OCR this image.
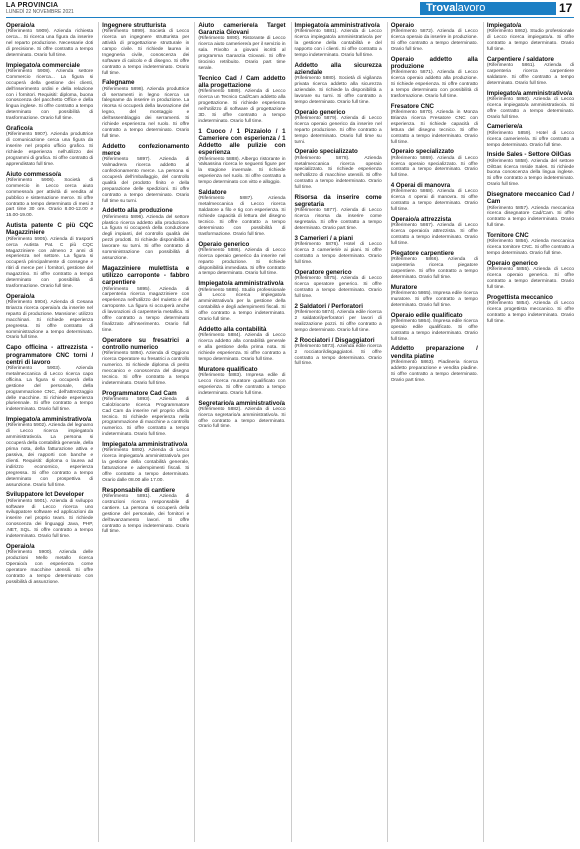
LA PROVINCIA
LUNEDÌ 22 NOVEMBRE 2021	Trovalavoro	17
Operaio/a
(Riferimento 5909). Azienda richiesta cerca... Si ricerca una figura da inserire nel reparto produzione. Necessarie doti di precisione. Si offre contratto a tempo determinato. Orario full time.
Impiegato/a commerciale
(Riferimento 5908). Azienda settore Commercio ricerca... La figura si occuperà della gestione dei clienti, dell'inserimento ordini e della relazione con i fornitori. Requisiti: diploma, buona conoscenza del pacchetto Office e della lingua inglese. Si offre contratto a tempo determinato con possibilità di trasformazione. Orario full time.
Grafico/a
(Riferimento 5907). Azienda produttrice di comunicazione cerca una figura da inserire nel proprio ufficio grafico. Si richiede esperienza nell'utilizzo dei programmi di grafica. Si offre contratto di apprendistato full time.
Aiuto commesso/a
(Riferimento 5906). Società di commercio in Lecco cerca aiuto commesso/a per attività di vendita al pubblico e sistemazione merce. Si offre contratto a tempo determinato di mesi 3 part time 30 ore. Orario 8.00-12.00 e 15.00-19.00.
Autista patente C più CQC Magazziniere
(Riferimento 5905). Azienda di trasporti cerca Autista Pat. C più CQC Magazziniere con almeno 2 anni di esperienza nel settore. La figura si occuperà principalmente di consegne e ritiri di merce per i fornitori, gestione del magazzino. Si offre contratto a tempo determinato con possibilità di trasformazione. Orario full time.
Operaio/a
(Riferimento 5904). Azienda di Cesana Brianza ricerca operaio/a da inserire nel reparto di produzione. Mansione: utilizzo macchinari. Si richiede esperienza pregressa. Si offre contratto di somministrazione a tempo determinato. Orario full time.
Capo officina - attrezzista - programmatore CNC torni / centri di lavoro
(Riferimento 5903). Azienda metalmeccanica di Lecco ricerca capo officina. La figura si occuperà della gestione del personale, della programmazione CNC, dell'attrezzaggio delle macchine. Si richiede esperienza pluriennale. Si offre contratto a tempo indeterminato. Orario full time.
Impiegato/a amministrativo/a
(Riferimento 5902). Azienda del legnamo di Lecco ricerca impiegato/a amministrativo/a. La persona si occuperà della contabilità generale, della prima nota, della fatturazione attiva e passiva, dei rapporti con banche e clienti. Requisiti: diploma o laurea ad indirizzo economico, esperienza pregressa. Si offre contratto a tempo determinato con prospettiva di assunzione. Orario full time.
Sviluppatore Ict Developer
(Riferimento 5901). Azienda di sviluppo software di Lecco ricerca uno sviluppatore software ed applicazioni da inserire nel proprio team. Si richiede conoscenza dei linguaggi Java, PHP, .NET, SQL. Si offre contratto a tempo indeterminato. Orario full time.
Operaio/a
(Riferimento 5900). Azienda delle produzioni Mello metallo ricerca Operaio/a con esperienza come operatore macchine utensili. Si offre contratto a tempo determinato con possibilità di assunzione.
Ingegnere strutturista
(Riferimento 5899). Società di Lecco ricerca un ingegnere strutturista per attività di progettazione strutturale in campo civile. Si richiede laurea in Ingegneria civile, conoscenza dei software di calcolo e di disegno. Si offre contratto a tempo indeterminato. Orario full time.
Falegname
(Riferimento 5898). Azienda produttrice di serramenti in legno ricerca un falegname da inserire in produzione. La risorsa si occuperà della lavorazione del legno, del montaggio e dell'assemblaggio dei serramenti. Si richiede esperienza nel ruolo. Si offre contratto a tempo determinato. Orario full time.
Addetto confezionamento merce
(Riferimento 5897). Azienda di Valmadrera ricerca addetto al confezionamento merce. La persona si occuperà dell'imballaggio, del controllo qualità del prodotto finito e della preparazione delle spedizioni. Si offre contratto a tempo determinato. Orario full time su turni.
Addetto alla produzione
(Riferimento 5896). Azienda del settore plastico ricerca addetto alla produzione. La figura si occuperà della conduzione degli impianti, del controllo qualità dei pezzi prodotti. Si richiede disponibilità a lavorare su turni. Si offre contratto di somministrazione con possibilità di assunzione.
Magazziniere mulettista e utilizzo carroponte - fabbro carpentiere
(Riferimento 5895). Azienda di carpenteria ricerca magazziniere con esperienza nell'utilizzo del muletto e del carroponte. La figura si occuperà anche di lavorazioni di carpenteria metallica. Si offre contratto a tempo determinato finalizzato all'inserimento. Orario full time.
Operatore su fresatrici a controllo numerico
(Riferimento 5894). Azienda di Oggiono ricerca Operatore su fresatrici a controllo numerico. Si richiede diploma di perito meccanico e conoscenza del disegno tecnico. Si offre contratto a tempo indeterminato. Orario full time.
Programmatore Cad Cam
(Riferimento 5893). Azienda di Calolziocorte ricerca Programmatore Cad Cam da inserire nel proprio ufficio tecnico. Si richiede esperienza nella programmazione di macchine a controllo numerico. Si offre contratto a tempo indeterminato. Orario full time.
Impiegato/a amministrativo/a
(Riferimento 5892). Azienda di Lecco ricerca impiegato/a amministrativo/a per la gestione della contabilità generale, fatturazione e adempimenti fiscali. Si offre contratto a tempo determinato. Orario dalle 08.00 alle 17.00.
Responsabile di cantiere
(Riferimento 5891). Azienda di costruzioni ricerca responsabile di cantiere. La persona si occuperà della gestione del personale, dei fornitori e dell'avanzamento lavori. Si offre contratto a tempo indeterminato. Orario full time.
Aiuto cameriere/a Target Garanzia Giovani
(Riferimento 5890). Ristorante di Lecco ricerca aiuto cameriere/a per il servizio in sala. Rivolto a giovani iscritti al programma Garanzia Giovani. Si offre tirocinio retribuito. Orario part time serale.
Tecnico Cad / Cam addetto alla progettazione
(Riferimento 5889). Azienda di Lecco ricerca un Tecnico Cad/Cam addetto alla progettazione. Si richiede esperienza nell'utilizzo di software di progettazione 3D. Si offre contratto a tempo indeterminato. Orario full time.
1 Cuoco / 1 Pizzaiolo / 1 Cameriere con esperienza / 1 Addetto alle pulizie con esperienza
(Riferimento 5888). Albergo ristorante in Valsassina ricerca le seguenti figure per la stagione invernale. Si richiede esperienza nel ruolo. Si offre contratto a tempo determinato con vitto e alloggio.
Saldatore
(Riferimento 5887). Azienda metalmeccanica di Lecco ricerca Saldatore a filo e tig con esperienza. Si richiede capacità di lettura del disegno tecnico. Si offre contratto a tempo determinato con possibilità di trasformazione. Orario full time.
Operaio generico
(Riferimento 5886). Azienda di Lecco ricerca operaio generico da inserire nel reparto produzione. Si richiede disponibilità immediata. Si offre contratto a tempo determinato. Orario full time.
Impiegato/a amministrativo/a
(Riferimento 5885). Studio professionale di Lecco ricerca impiegato/a amministrativo/a per la gestione della contabilità e degli adempimenti fiscali. Si offre contratto a tempo indeterminato. Orario full time.
Addetto alla contabilità
(Riferimento 5884). Azienda di Lecco ricerca addetto alla contabilità generale e alla gestione della prima nota. Si richiede esperienza. Si offre contratto a tempo determinato. Orario full time.
Muratore qualificato
(Riferimento 5883). Impresa edile di Lecco ricerca muratore qualificato con esperienza. Si offre contratto a tempo indeterminato. Orario full time.
Segretario/a amministrativo/a
(Riferimento 5882). Azienda di Lecco ricerca segretario/a amministrativo/a. Si offre contratto a tempo determinato. Orario full time.
Impiegato/a amministrativo/a
(Riferimento 5881). Azienda di Lecco ricerca impiegato/a amministrativo/a per la gestione della contabilità e del rapporto con i clienti. Si offre contratto a tempo indeterminato. Orario full time.
Addetto alla sicurezza aziendale
(Riferimento 5880). Società di vigilanza privata ricerca addetto alla sicurezza aziendale. Si richiede la disponibilità a lavorare su turni. Si offre contratto a tempo determinato. Orario full time.
Operaio generico
(Riferimento 5879). Azienda di Lecco ricerca operaio generico da inserire nel reparto produzione. Si offre contratto a tempo determinato. Orario full time su turni.
Operaio specializzato
(Riferimento 5878). Azienda metalmeccanica ricerca operaio specializzato. Si richiede esperienza nell'utilizzo di macchine utensili. Si offre contratto a tempo indeterminato. Orario full time.
Risorsa da inserire come segretaria
(Riferimento 5877). Azienda di Lecco ricerca risorsa da inserire come segretaria. Si offre contratto a tempo determinato. Orario part time.
3 Camerieri / a piani
(Riferimento 5876). Hotel di Lecco ricerca 3 camerieri/e ai piani. Si offre contratto a tempo determinato. Orario full time.
Operatore generico
(Riferimento 5875). Azienda di Lecco ricerca operatore generico. Si offre contratto a tempo determinato. Orario full time.
2 Saldatori / Perforatori
(Riferimento 5874). Azienda edile ricerca 2 saldatori/perforatori per lavori di realizzazione pozzi. Si offre contratto a tempo determinato. Orario full time.
2 Rocciatori / Disgaggiatori
(Riferimento 5873). Azienda edile ricerca 2 rocciatori/disgaggiatori. Si offre contratto a tempo determinato. Orario full time.
Operaio
(Riferimento 5872). Azienda di Lecco ricerca operaio da inserire in produzione. Si offre contratto a tempo determinato. Orario full time.
Operaio addetto alla produzione
(Riferimento 5871). Azienda di Lecco ricerca operaio addetto alla produzione. Si richiede esperienza. Si offre contratto a tempo determinato con possibilità di trasformazione. Orario full time.
Fresatore CNC
(Riferimento 5870). Azienda in Monza Brianza ricerca Fresatore CNC con esperienza. Si richiede capacità di lettura del disegno tecnico. Si offre contratto a tempo indeterminato. Orario full time.
Operaio specializzato
(Riferimento 5869). Azienda di Lecco ricerca operaio specializzato. Si offre contratto a tempo determinato. Orario full time.
4 Operai di manovra
(Riferimento 5868). Azienda di Lecco ricerca 4 operai di manovra. Si offre contratto a tempo determinato. Orario full time.
Operaio/a attrezzista
(Riferimento 5867). Azienda di Lecco ricerca operaio/a attrezzista. Si offre contratto a tempo indeterminato. Orario full time.
Piegatore carpentiere
(Riferimento 5866). Azienda di carpenteria ricerca piegatore carpentiere. Si offre contratto a tempo determinato. Orario full time.
Muratore
(Riferimento 5865). Impresa edile ricerca muratore. Si offre contratto a tempo determinato. Orario full time.
Operaio edile qualificato
(Riferimento 5864). Impresa edile ricerca operaio edile qualificato. Si offre contratto a tempo indeterminato. Orario full time.
Addetto preparazione / vendita piatine
(Riferimento 5863). Piadineria ricerca addetto preparazione e vendita piadine. Si offre contratto a tempo determinato. Orario part time.
Impiegato/a
(Riferimento 5862). Studio professionale di Lecco ricerca impiegato/a. Si offre contratto a tempo determinato. Orario full time.
Carpentiere / saldatore
(Riferimento 5861). Azienda di carpenteria ricerca carpentiere saldatore. Si offre contratto a tempo determinato. Orario full time.
Impiegato/a amministrativo/a
(Riferimento 5860). Azienda di Lecco ricerca impiegato/a amministrativo/a. Si offre contratto a tempo determinato. Orario full time.
Cameriere/a
(Riferimento 5859). Hotel di Lecco ricerca cameriere/a. Si offre contratto a tempo determinato. Orario full time.
Inside Sales - Settore OilGas
(Riferimento 5858). Azienda del settore OilGas ricerca Inside Sales. Si richiede buona conoscenza della lingua inglese. Si offre contratto a tempo indeterminato. Orario full time.
Disegnatore meccanico Cad / Cam
(Riferimento 5857). Azienda meccanica ricerca disegnatore Cad/Cam. Si offre contratto a tempo indeterminato. Orario full time.
Tornitore CNC
(Riferimento 5856). Azienda meccanica ricerca tornitore CNC. Si offre contratto a tempo determinato. Orario full time.
Operaio generico
(Riferimento 5855). Azienda di Lecco ricerca operaio generico. Si offre contratto a tempo determinato. Orario full time.
Progettista meccanico
(Riferimento 5854). Azienda di Lecco ricerca progettista meccanico. Si offre contratto a tempo indeterminato. Orario full time.
